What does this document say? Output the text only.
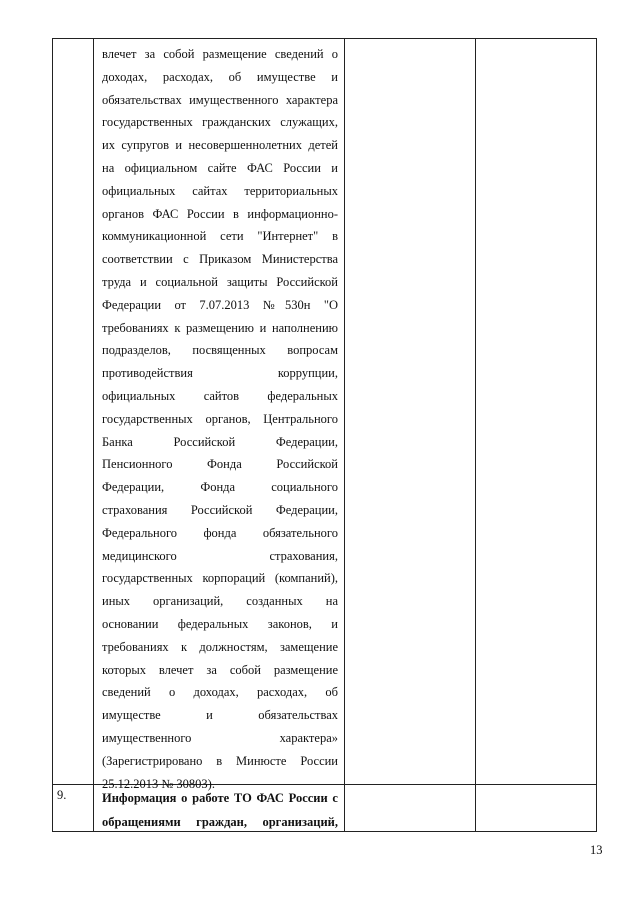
влечет за собой размещение сведений о
доходах, расходах, об имуществе и
обязательствах имущественного характера
государственных гражданских служащих,
их супругов и несовершеннолетних детей
на официальном сайте ФАС России и
официальных сайтах территориальных
органов ФАС России в информационно-
коммуникационной сети "Интернет" в
соответствии с Приказом Министерства
труда и социальной защиты Российской
Федерации от 7.07.2013 №530н "О
требованиях к размещению и наполнению
подразделов, посвященных вопросам
противодействия коррупции,
официальных сайтов федеральных
государственных органов, Центрального
Банка Российской Федерации,
Пенсионного Фонда Российской
Федерации, Фонда социального
страхования Российской Федерации,
Федерального фонда обязательного
медицинского страхования,
государственных корпораций (компаний),
иных организаций, созданных на
основании федеральных законов, и
требованиях к должностям, замещение
которых влечет за собой размещение
сведений о доходах, расходах, об
имуществе и обязательствах
имущественного характера»
(Зарегистрировано в Минюсте России
25.12.2013 № 30803).
9.	Информация о работе ТО ФАС России с
обращениями граждан, организаций,
13
